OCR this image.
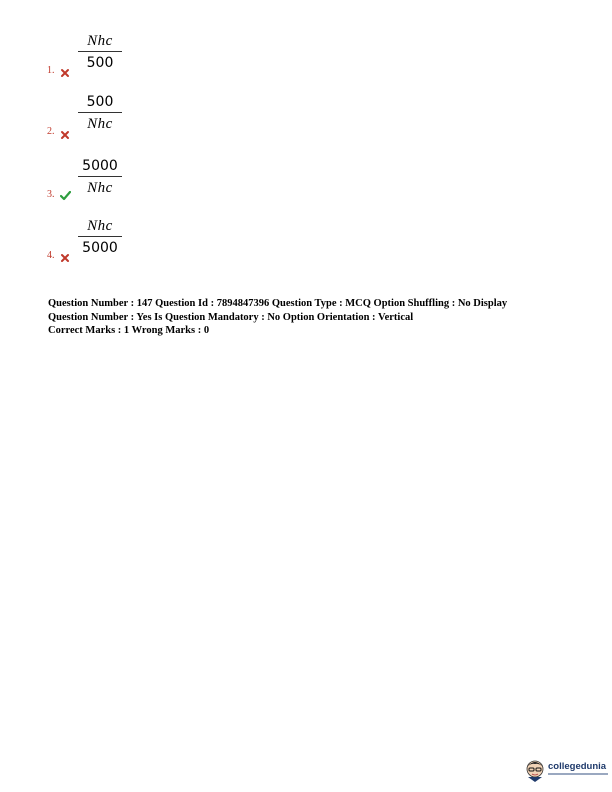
1.
Nhc
500
2.
500
Nhc
3.
5000
Nhc
4.
Nhc
5000
Question Number : 147 Question Id : 7894847396 Question Type : MCQ Option Shuffling : No Display
Question Number : Yes Is Question Mandatory : No Option Orientation : Vertical
Correct Marks : 1 Wrong Marks : 0
collegedunia
